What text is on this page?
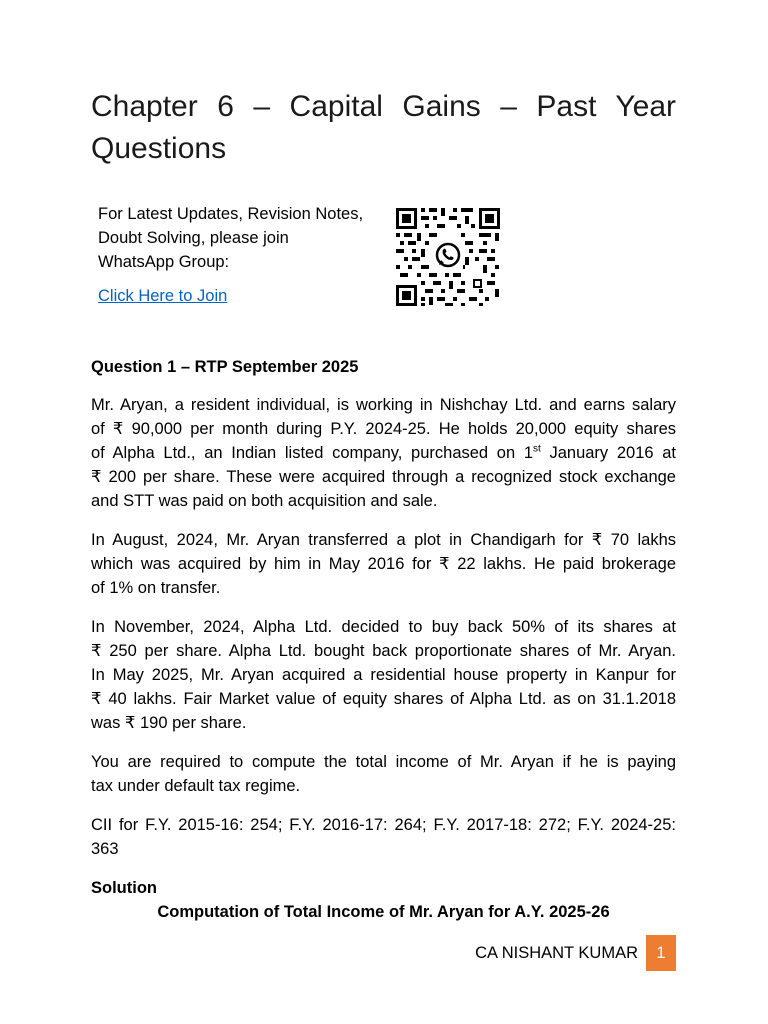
Chapter 6 – Capital Gains – Past Year Questions
For Latest Updates, Revision Notes,
Doubt Solving, please join
WhatsApp Group:
Click Here to Join

Question 1 – RTP September 2025

Mr. Aryan, a resident individual, is working in Nishchay Ltd. and earns salary
of ₹ 90,000 per month during P.Y. 2024-25. He holds 20,000 equity shares
of Alpha Ltd., an Indian listed company, purchased on 1st January 2016 at
₹ 200 per share. These were acquired through a recognized stock exchange
and STT was paid on both acquisition and sale.

In August, 2024, Mr. Aryan transferred a plot in Chandigarh for ₹ 70 lakhs
which was acquired by him in May 2016 for ₹ 22 lakhs. He paid brokerage
of 1% on transfer.

In November, 2024, Alpha Ltd. decided to buy back 50% of its shares at
₹ 250 per share. Alpha Ltd. bought back proportionate shares of Mr. Aryan.
In May 2025, Mr. Aryan acquired a residential house property in Kanpur for
₹ 40 lakhs. Fair Market value of equity shares of Alpha Ltd. as on 31.1.2018
was ₹ 190 per share.

You are required to compute the total income of Mr. Aryan if he is paying
tax under default tax regime.

CII for F.Y. 2015-16: 254; F.Y. 2016-17: 264; F.Y. 2017-18: 272; F.Y. 2024-25:
363

Solution

Computation of Total Income of Mr. Aryan for A.Y. 2025-26

CA NISHANT KUMAR	1
